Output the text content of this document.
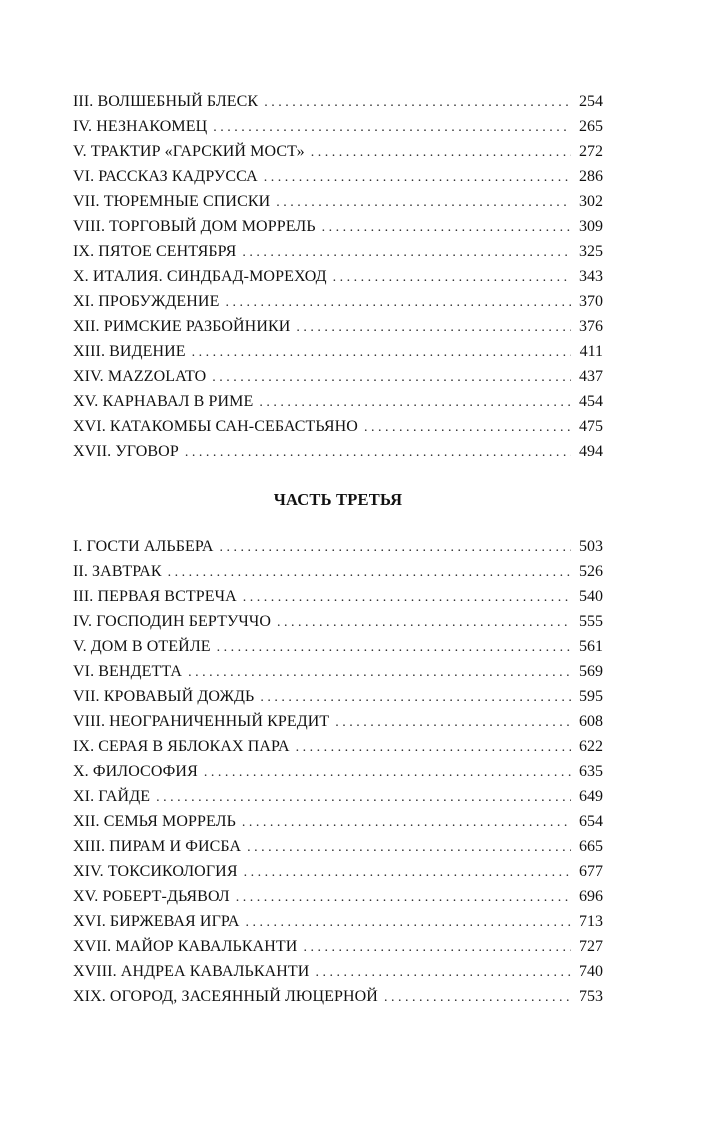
III. ВОЛШЕБНЫЙ БЛЕСК . . .	254
IV. НЕЗНАКОМЕЦ . . .	265
V. ТРАКТИР «ГАРСКИЙ МОСТ» . . .	272
VI. РАССКАЗ КАДРУССА . . .	286
VII. ТЮРЕМНЫЕ СПИСКИ . . .	302
VIII. ТОРГОВЫЙ ДОМ МОРРЕЛЬ . . .	309
IX. ПЯТОЕ СЕНТЯБРЯ . . .	325
X. ИТАЛИЯ. СИНДБАД-МОРЕХОД . . .	343
XI. ПРОБУЖДЕНИЕ . . .	370
XII. РИМСКИЕ РАЗБОЙНИКИ . . .	376
XIII. ВИДЕНИЕ . . .	411
XIV. MAZZOLATO . . .	437
XV. КАРНАВАЛ В РИМЕ . . .	454
XVI. КАТАКОМБЫ САН-СЕБАСТЬЯНО . . .	475
XVII. УГОВОР . . .	494
ЧАСТЬ ТРЕТЬЯ
I. ГОСТИ АЛЬБЕРА . . .	503
II. ЗАВТРАК . . .	526
III. ПЕРВАЯ ВСТРЕЧА . . .	540
IV. ГОСПОДИН БЕРТУЧЧО . . .	555
V. ДОМ В ОТЕЙЛЕ . . .	561
VI. ВЕНДЕТТА . . .	569
VII. КРОВАВЫЙ ДОЖДЬ . . .	595
VIII. НЕОГРАНИЧЕННЫЙ КРЕДИТ . . .	608
IX. СЕРАЯ В ЯБЛОКАХ ПАРА . . .	622
X. ФИЛОСОФИЯ . . .	635
XI. ГАЙДЕ . . .	649
XII. СЕМЬЯ МОРРЕЛЬ . . .	654
XIII. ПИРАМ И ФИСБА . . .	665
XIV. ТОКСИКОЛОГИЯ . . .	677
XV. РОБЕРТ-ДЬЯВОЛ . . .	696
XVI. БИРЖЕВАЯ ИГРА . . .	713
XVII. МАЙОР КАВАЛЬКАНТИ . . .	727
XVIII. АНДРЕА КАВАЛЬКАНТИ . . .	740
XIX. ОГОРОД, ЗАСЕЯННЫЙ ЛЮЦЕРНОЙ . . .	753
